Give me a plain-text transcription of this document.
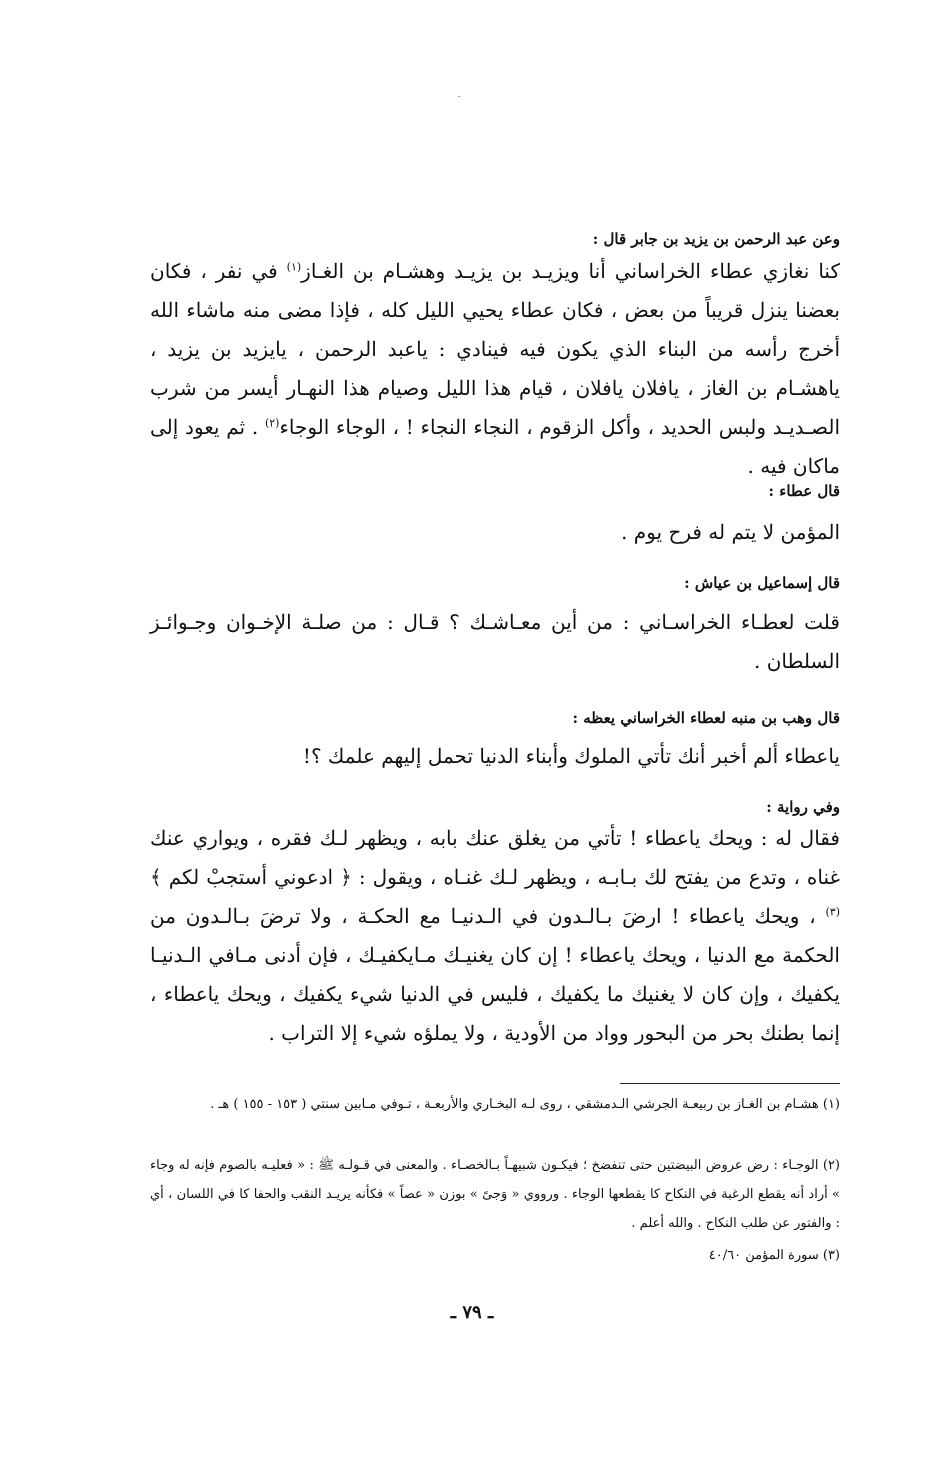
وعن عبد الرحمن بن يزيد بن جابر قال :
كنا نغازي عطاء الخراساني أنا ويزيـد بن يزيـد وهشـام بن الغـاز$^{(١)}$ في نفر ، فكان بعضنا ينزل قريباً من بعض ، فكان عطاء يحيي الليل كله ، فإذا مضى منه ماشاء الله أخرج رأسه من البناء الذي يكون فيه فينادي : ياعبد الرحمن ، يايزيد بن يزيد ، ياهشـام بن الغاز ، يافلان يافلان ، قيام هذا الليل وصيام هذا النهـار أيسر من شرب الصـديـد ولبس الحديد ، وأكل الزقوم ، النجاء النجاء ! ، الوجاء الوجاء$^{(٢)}$ . ثم يعود إلى ماكان فيه .
قال عطاء :
المؤمن لا يتم له فرح يوم .
قال إسماعيل بن عياش :
قلت لعطـاء الخراسـاني : من أين معـاشـك ؟ قـال : من صلـة الإخـوان وجـوائـز السلطان .
قال وهب بن منبه لعطاء الخراساني يعظه :
ياعطاء ألم أخبر أنك تأتي الملوك وأبناء الدنيا تحمل إليهم علمك ؟!
وفي رواية :
فقال له : ويحك ياعطاء ! تأتي من يغلق عنك بابه ، ويظهر لـك فقره ، ويواري عنك غناه ، وتدع من يفتح لك بـابـه ، ويظهر لـك غنـاه ، ويقول : ﴿ ادعوني أستجبْ لكم ﴾$^{(٣)}$ ، ويحك ياعطاء ! ارضَ بـالـدون في الـدنيـا مع الحكـة ، ولا ترضَ بـالـدون من الحكمة مع الدنيا ، ويحك ياعطاء ! إن كان يغنيـك مـايكفيـك ، فإن أدنى مـافي الـدنيـا يكفيك ، وإن كان لا يغنيك ما يكفيك ، فليس في الدنيا شيء يكفيك ، ويحك ياعطاء ، إنما بطنك بحر من البحور وواد من الأودية ، ولا يملؤه شيء إلا التراب .
(١) هشـام بن الغـاز بن ربيعـة الجرشي الـدمشقي ، روى لـه البخـاري والأربعـة ، تـوفي مـابين سنتي ( ١٥٣ - ١٥٥ ) هـ .
(٢) الوجـاء : رض عروض البيضتين حتى تنفضخ ؛ فيكـون شبيهـاً بـالخصـاء . والمعنى في قـولـه ﷺ : « فعليـه بالصوم فإنه له وجاء » أراد أنه يقطع الرغبة في النكاح كا يقطعها الوجاء . ورووي « وَجىً » بوزن « عصاً » فكأنه يريـد النقب والحفا كا في اللسان ، أي : والفتور عن طلب النكاح . والله أعلم .
(٣) سورة المؤمن ٤٠/٦٠
ـ ٧٩ ـ
